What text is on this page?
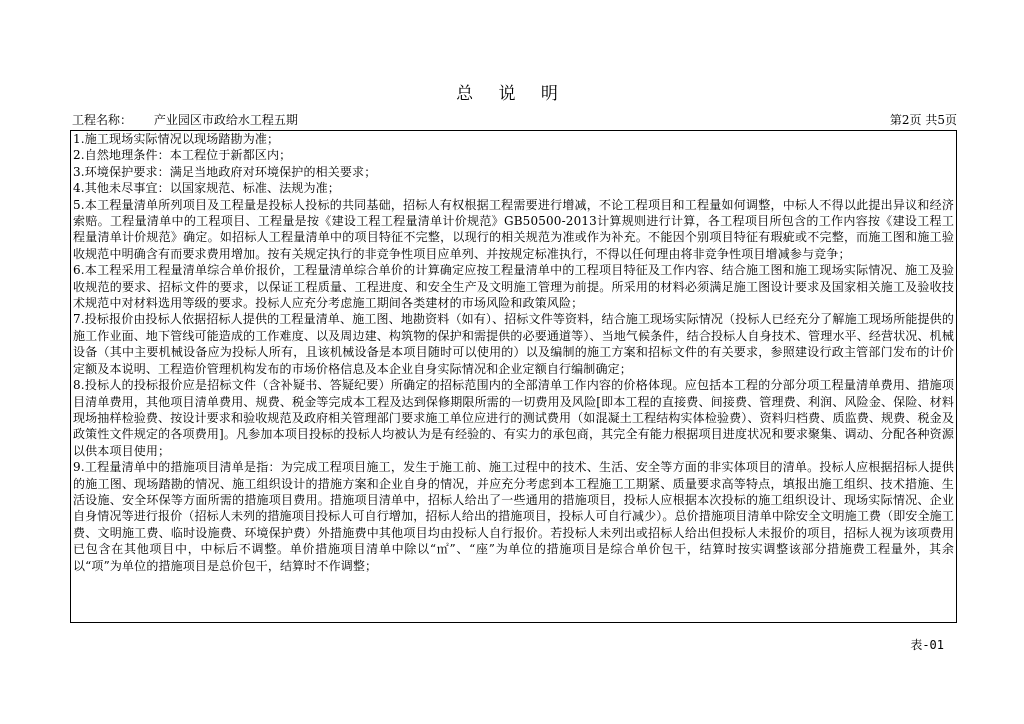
总 说 明
工程名称： 产业园区市政给水工程五期	第2页 共5页

1.施工现场实际情况以现场踏勘为准；

2.自然地理条件：本工程位于新都区内；

3.环境保护要求：满足当地政府对环境保护的相关要求；

4.其他未尽事宜：以国家规范、标准、法规为准；

5.本工程量清单所列项目及工程量是投标人投标的共同基础，招标人有权根据工程需要进行增减，不论工程项目和工程量如何调整，中标人不得以此提出异议和经济索赔。工程量清单中的工程项目、工程量是按《建设工程工程量清单计价规范》GB50500-2013计算规则进行计算，各工程项目所包含的工作内容按《建设工程工程量清单计价规范》确定。如招标人工程量清单中的项目特征不完整，以现行的相关规范为准或作为补充。不能因个别项目特征有瑕疵或不完整，而施工图和施工验收规范中明确含有而要求费用增加。按有关规定执行的非竞争性项目应单列、并按规定标准执行，不得以任何理由将非竞争性项目增减参与竞争；

6.本工程采用工程量清单综合单价报价，工程量清单综合单价的计算确定应按工程量清单中的工程项目特征及工作内容、结合施工图和施工现场实际情况、施工及验收规范的要求、招标文件的要求，以保证工程质量、工程进度、和安全生产及文明施工管理为前提。所采用的材料必须满足施工图设计要求及国家相关施工及验收技术规范中对材料选用等级的要求。投标人应充分考虑施工期间各类建材的市场风险和政策风险；

7.投标报价由投标人依据招标人提供的工程量清单、施工图、地勘资料（如有）、招标文件等资料，结合施工现场实际情况（投标人已经充分了解施工现场所能提供的施工作业面、地下管线可能造成的工作难度、以及周边建、构筑物的保护和需提供的必要通道等）、当地气候条件，结合投标人自身技术、管理水平、经营状况、机械设备（其中主要机械设备应为投标人所有，且该机械设备是本项目随时可以使用的）以及编制的施工方案和招标文件的有关要求，参照建设行政主管部门发布的计价定额及本说明、工程造价管理机构发布的市场价格信息及本企业自身实际情况和企业定额自行编制确定；

8.投标人的投标报价应是招标文件（含补疑书、答疑纪要）所确定的招标范围内的全部清单工作内容的价格体现。应包括本工程的分部分项工程量清单费用、措施项目清单费用，其他项目清单费用、规费、税金等完成本工程及达到保修期限所需的一切费用及风险[即本工程的直接费、间接费、管理费、利润、风险金、保险、材料现场抽样检验费、按设计要求和验收规范及政府相关管理部门要求施工单位应进行的测试费用（如混凝土工程结构实体检验费）、资料归档费、质监费、规费、税金及政策性文件规定的各项费用]。凡参加本项目投标的投标人均被认为是有经验的、有实力的承包商，其完全有能力根据项目进度状况和要求聚集、调动、分配各种资源以供本项目使用；

9.工程量清单中的措施项目清单是指：为完成工程项目施工，发生于施工前、施工过程中的技术、生活、安全等方面的非实体项目的清单。投标人应根据招标人提供的施工图、现场踏勘的情况、施工组织设计的措施方案和企业自身的情况，并应充分考虑到本工程施工工期紧、质量要求高等特点，填报出施工组织、技术措施、生活设施、安全环保等方面所需的措施项目费用。措施项目清单中，招标人给出了一些通用的措施项目，投标人应根据本次投标的施工组织设计、现场实际情况、企业自身情况等进行报价（招标人未列的措施项目投标人可自行增加，招标人给出的措施项目，投标人可自行减少）。总价措施项目清单中除安全文明施工费（即安全施工费、文明施工费、临时设施费、环境保护费）外措施费中其他项目均由投标人自行报价。若投标人未列出或招标人给出但投标人未报价的项目，招标人视为该项费用已包含在其他项目中，中标后不调整。单价措施项目清单中除以“㎡”、“座”为单位的措施项目是综合单价包干，结算时按实调整该部分措施费工程量外，其余以“项”为单位的措施项目是总价包干，结算时不作调整；

表-01
